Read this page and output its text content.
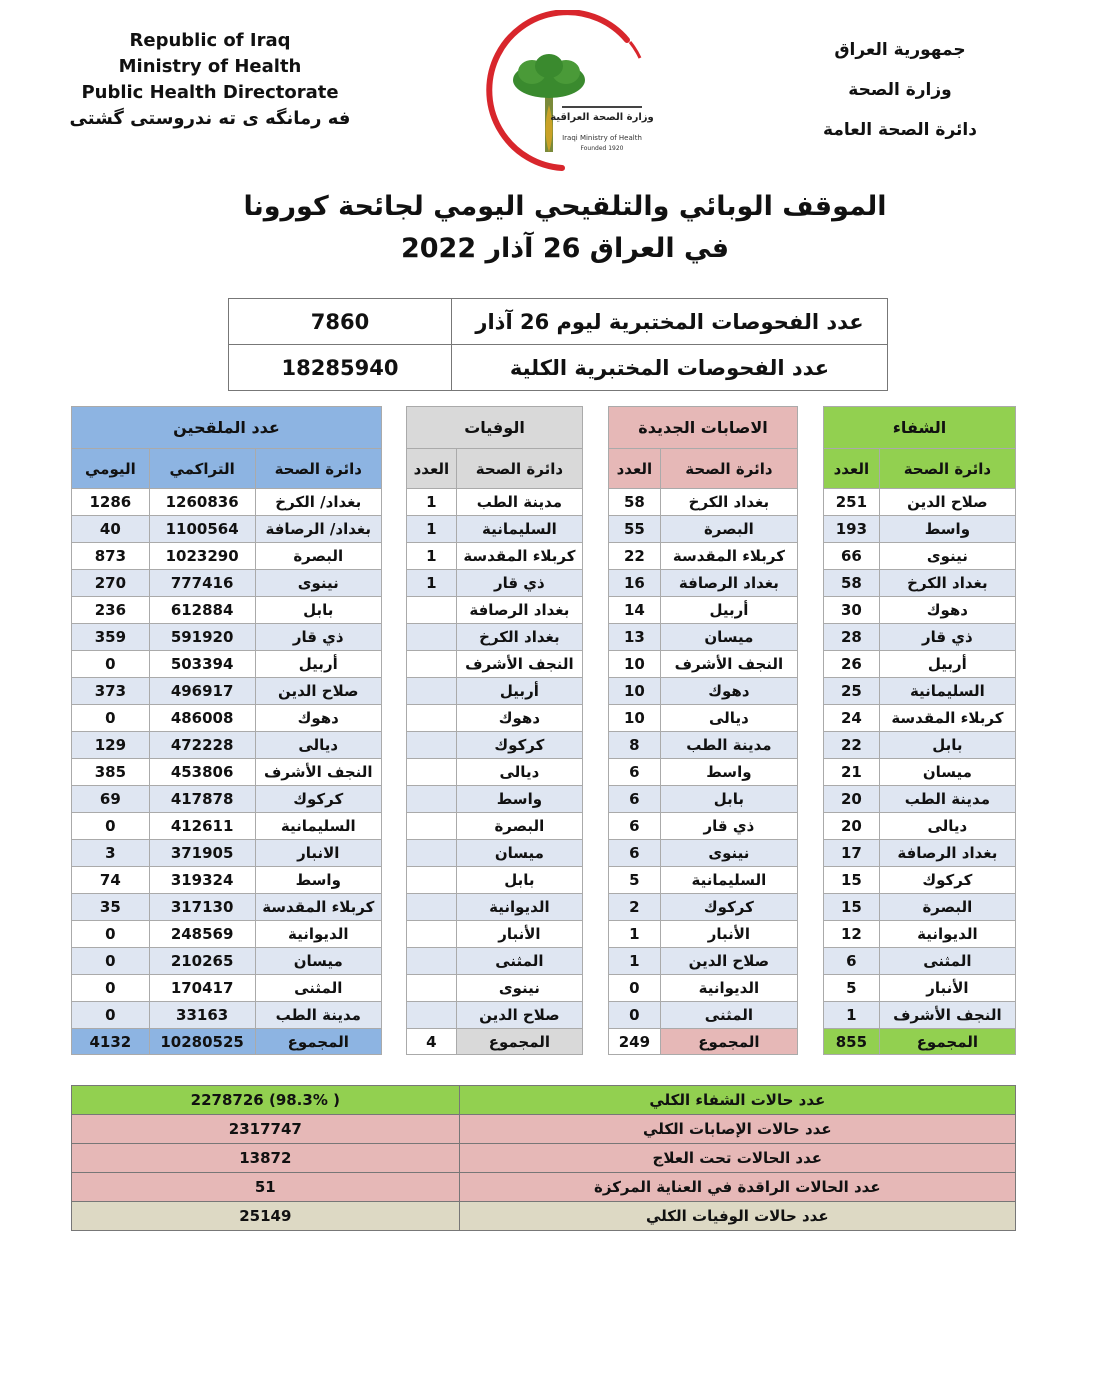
Republic of Iraq
Ministry of Health
Public Health Directorate
فه رمانگه ی ته ندروستی گشتی	وزارة الصحة العراقية
Iraqi Ministry of Health
Founded 1920
جمهورية العراق
وزارة الصحة
دائرة الصحة العامة
الموقف الوبائي والتلقيحي اليومي لجائحة كورونا
في العراق 26 آذار 2022
7860	عدد الفحوصات المختبرية ليوم 26 آذار
18285940	عدد الفحوصات المختبرية الكلية
عدد الملقحين		
اليومي	التراكمي	دائرة الصحة
1286	1260836	بغداد/ الكرخ
40	1100564	بغداد/ الرصافة
873	1023290	البصرة
270	777416	نينوى
236	612884	بابل
359	591920	ذي قار
0	503394	أربيل
373	496917	صلاح الدين
0	486008	دهوك
129	472228	ديالى
385	453806	النجف الأشرف
69	417878	كركوك
0	412611	السليمانية
3	371905	الانبار
74	319324	واسط
35	317130	كربلاء المقدسة
0	248569	الديوانية
0	210265	ميسان
0	170417	المثنى
0	33163	مدينة الطب
4132	10280525	المجموع
الوفيات	
العدد	دائرة الصحة
1	مدينة الطب
1	السليمانية
1	كربلاء المقدسة
1	ذي قار
	بغداد الرصافة
	بغداد الكرخ
	النجف الأشرف
	أربيل
	دهوك
	كركوك
	ديالى
	واسط
	البصرة
	ميسان
	بابل
	الديوانية
	الأنبار
	المثنى
	نينوى
	صلاح الدين
4	المجموع
الاصابات الجديدة	
العدد	دائرة الصحة
58	بغداد الكرخ
55	البصرة
22	كربلاء المقدسة
16	بغداد الرصافة
14	أربيل
13	ميسان
10	النجف الأشرف
10	دهوك
10	ديالى
8	مدينة الطب
6	واسط
6	بابل
6	ذي قار
6	نينوى
5	السليمانية
2	كركوك
1	الأنبار
1	صلاح الدين
0	الديوانية
0	المثنى
249	المجموع
الشفاء	
العدد	دائرة الصحة
251	صلاح الدين
193	واسط
66	نينوى
58	بغداد الكرخ
30	دهوك
28	ذي قار
26	أربيل
25	السليمانية
24	كربلاء المقدسة
22	بابل
21	ميسان
20	مدينة الطب
20	ديالى
17	بغداد الرصافة
15	كركوك
15	البصرة
12	الديوانية
6	المثنى
5	الأنبار
1	النجف الأشرف
855	المجموع
( 98.3%) 2278726	عدد حالات الشفاء الكلي
2317747	عدد حالات الإصابات الكلي
13872	عدد الحالات تحت العلاج
51	عدد الحالات الراقدة في العناية المركزة
25149	عدد حالات الوفيات الكلي
